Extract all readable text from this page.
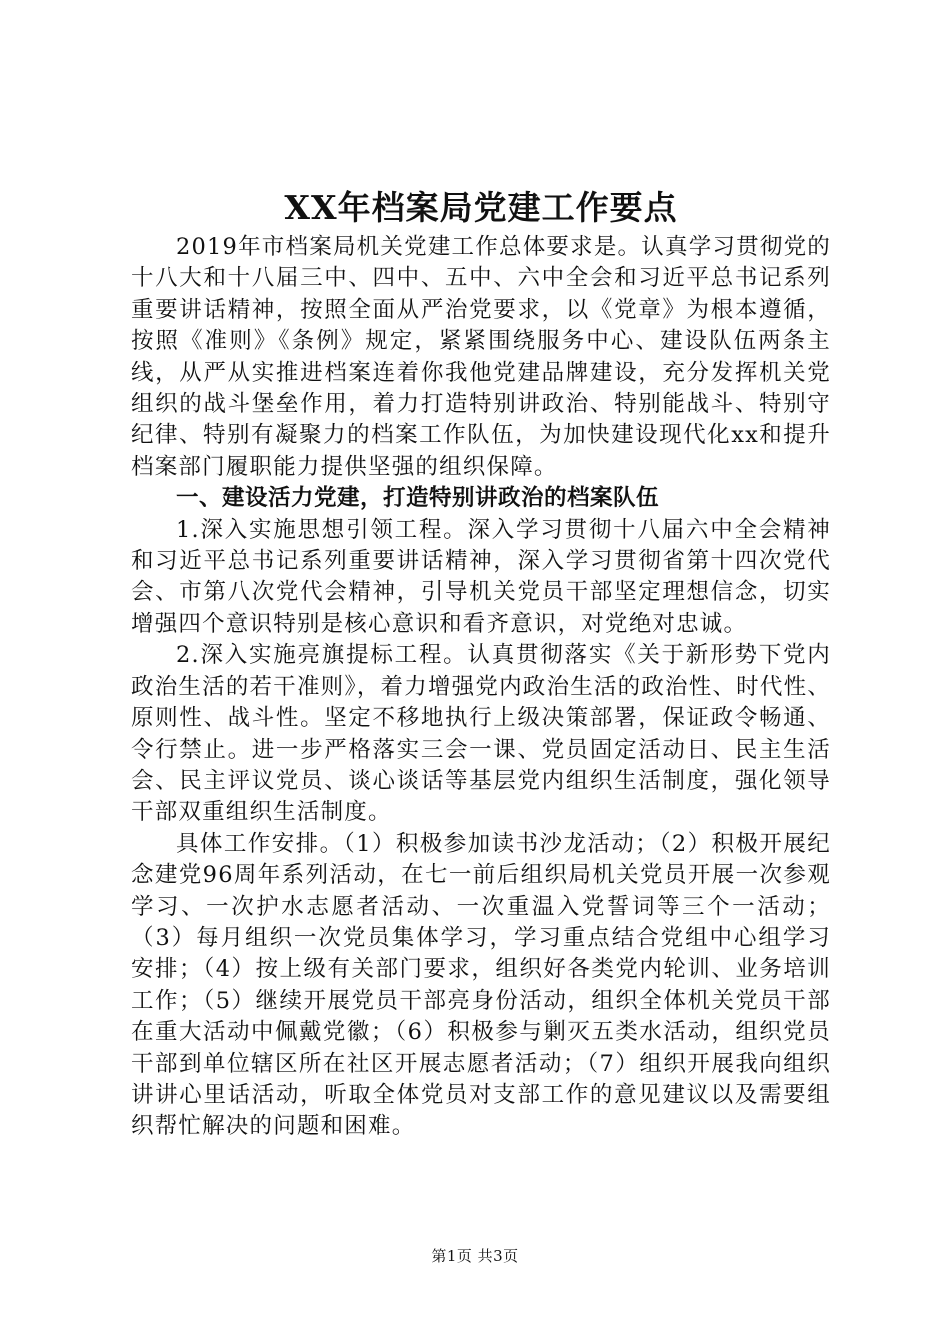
XX年档案局党建工作要点

2019年市档案局机关党建工作总体要求是。认真学习贯彻党的十八大和十八届三中、四中、五中、六中全会和习近平总书记系列重要讲话精神，按照全面从严治党要求，以《党章》为根本遵循，按照《准则》《条例》规定，紧紧围绕服务中心、建设队伍两条主线，从严从实推进档案连着你我他党建品牌建设，充分发挥机关党组织的战斗堡垒作用，着力打造特别讲政治、特别能战斗、特别守纪律、特别有凝聚力的档案工作队伍，为加快建设现代化xx和提升档案部门履职能力提供坚强的组织保障。

一、建设活力党建，打造特别讲政治的档案队伍

1.深入实施思想引领工程。深入学习贯彻十八届六中全会精神和习近平总书记系列重要讲话精神，深入学习贯彻省第十四次党代会、市第八次党代会精神，引导机关党员干部坚定理想信念，切实增强四个意识特别是核心意识和看齐意识，对党绝对忠诚。

2.深入实施亮旗提标工程。认真贯彻落实《关于新形势下党内政治生活的若干准则》，着力增强党内政治生活的政治性、时代性、原则性、战斗性。坚定不移地执行上级决策部署，保证政令畅通、令行禁止。进一步严格落实三会一课、党员固定活动日、民主生活会、民主评议党员、谈心谈话等基层党内组织生活制度，强化领导干部双重组织生活制度。

具体工作安排。（1）积极参加读书沙龙活动；（2）积极开展纪念建党96周年系列活动，在七一前后组织局机关党员开展一次参观学习、一次护水志愿者活动、一次重温入党誓词等三个一活动；（3）每月组织一次党员集体学习，学习重点结合党组中心组学习安排；（4）按上级有关部门要求，组织好各类党内轮训、业务培训工作；（5）继续开展党员干部亮身份活动，组织全体机关党员干部在重大活动中佩戴党徽；（6）积极参与剿灭五类水活动，组织党员干部到单位辖区所在社区开展志愿者活动；（7）组织开展我向组织讲讲心里话活动，听取全体党员对支部工作的意见建议以及需要组织帮忙解决的问题和困难。

第1页 共3页
